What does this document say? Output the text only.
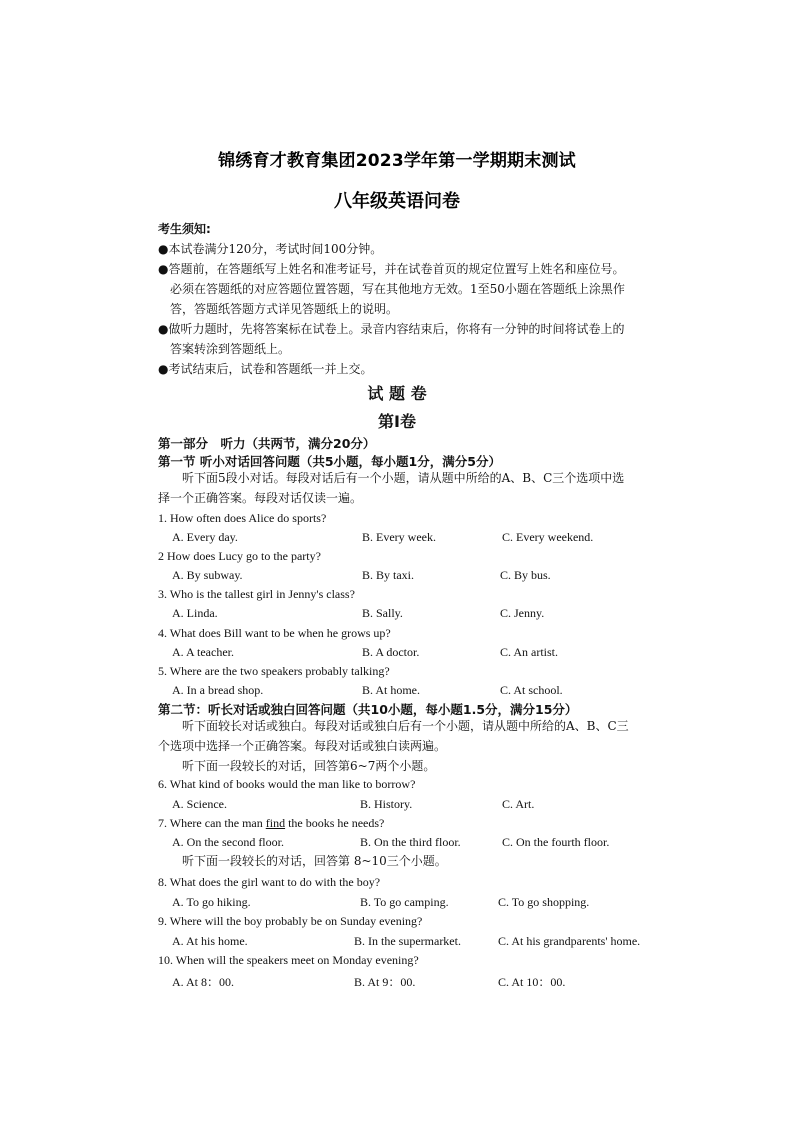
锦绣育才教育集团2023学年第一学期期末测试
八年级英语问卷
考生须知:
●本试卷满分120分，考试时间100分钟。
●答题前，在答题纸写上姓名和准考证号，并在试卷首页的规定位置写上姓名和座位号。
必须在答题纸的对应答题位置答题，写在其他地方无效。1至50小题在答题纸上涂黑作
答，答题纸答题方式详见答题纸上的说明。
●做听力题时，先将答案标在试卷上。录音内容结束后，你将有一分钟的时间将试卷上的
答案转涂到答题纸上。
●考试结束后，试卷和答题纸一并上交。
试 题 卷
第Ⅰ卷
第一部分　听力（共两节，满分20分）
第一节 听小对话回答问题（共5小题，每小题1分，满分5分）
听下面5段小对话。每段对话后有一个小题，请从题中所给的A、B、C三个选项中选
择一个正确答案。每段对话仅读一遍。
1. How often does Alice do sports?
A. Every day.	B. Every week.	C. Every weekend.
2 How does Lucy go to the party?
A. By subway.	B. By taxi.	C. By bus.
3. Who is the tallest girl in Jenny's class?
A. Linda.	B. Sally.	C. Jenny.
4. What does Bill want to be when he grows up?
A. A teacher.	B. A doctor.	C. An artist.
5. Where are the two speakers probably talking?
A. In a bread shop.	B. At home.	C. At school.
第二节：听长对话或独白回答问题（共10小题，每小题1.5分，满分15分）
听下面较长对话或独白。每段对话或独白后有一个小题，请从题中所给的A、B、C三
个选项中选择一个正确答案。每段对话或独白读两遍。
听下面一段较长的对话，回答第6~7两个小题。
6. What kind of books would the man like to borrow?
A. Science.	B. History.	C. Art.
7. Where can the man find the books he needs?
A. On the second floor.	B. On the third floor.	C. On the fourth floor.
听下面一段较长的对话，回答第 8~10三个小题。
8. What does the girl want to do with the boy?
A. To go hiking.	B. To go camping.	C. To go shopping.
9. Where will the boy probably be on Sunday evening?
A. At his home.	B. In the supermarket.	C. At his grandparents' home.
10. When will the speakers meet on Monday evening?
A. At 8：00.	B. At 9：00.	C. At 10：00.
